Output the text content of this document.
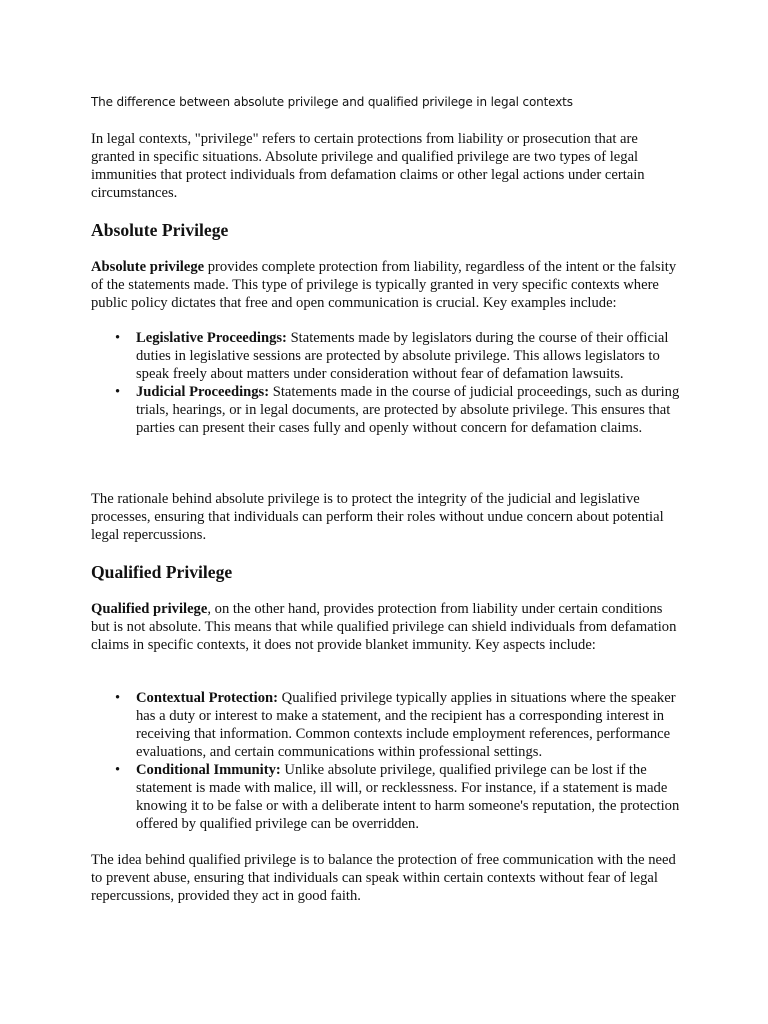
The difference between absolute privilege and qualified privilege in legal contexts

In legal contexts, "privilege" refers to certain protections from liability or prosecution that are granted in specific situations. Absolute privilege and qualified privilege are two types of legal immunities that protect individuals from defamation claims or other legal actions under certain circumstances.

Absolute Privilege

Absolute privilege provides complete protection from liability, regardless of the intent or the falsity of the statements made. This type of privilege is typically granted in very specific contexts where public policy dictates that free and open communication is crucial. Key examples include:

• Legislative Proceedings: Statements made by legislators during the course of their official duties in legislative sessions are protected by absolute privilege. This allows legislators to speak freely about matters under consideration without fear of defamation lawsuits.
• Judicial Proceedings: Statements made in the course of judicial proceedings, such as during trials, hearings, or in legal documents, are protected by absolute privilege. This ensures that parties can present their cases fully and openly without concern for defamation claims.

The rationale behind absolute privilege is to protect the integrity of the judicial and legislative processes, ensuring that individuals can perform their roles without undue concern about potential legal repercussions.

Qualified Privilege

Qualified privilege, on the other hand, provides protection from liability under certain conditions but is not absolute. This means that while qualified privilege can shield individuals from defamation claims in specific contexts, it does not provide blanket immunity. Key aspects include:

• Contextual Protection: Qualified privilege typically applies in situations where the speaker has a duty or interest to make a statement, and the recipient has a corresponding interest in receiving that information. Common contexts include employment references, performance evaluations, and certain communications within professional settings.
• Conditional Immunity: Unlike absolute privilege, qualified privilege can be lost if the statement is made with malice, ill will, or recklessness. For instance, if a statement is made knowing it to be false or with a deliberate intent to harm someone's reputation, the protection offered by qualified privilege can be overridden.

The idea behind qualified privilege is to balance the protection of free communication with the need to prevent abuse, ensuring that individuals can speak within certain contexts without fear of legal repercussions, provided they act in good faith.
